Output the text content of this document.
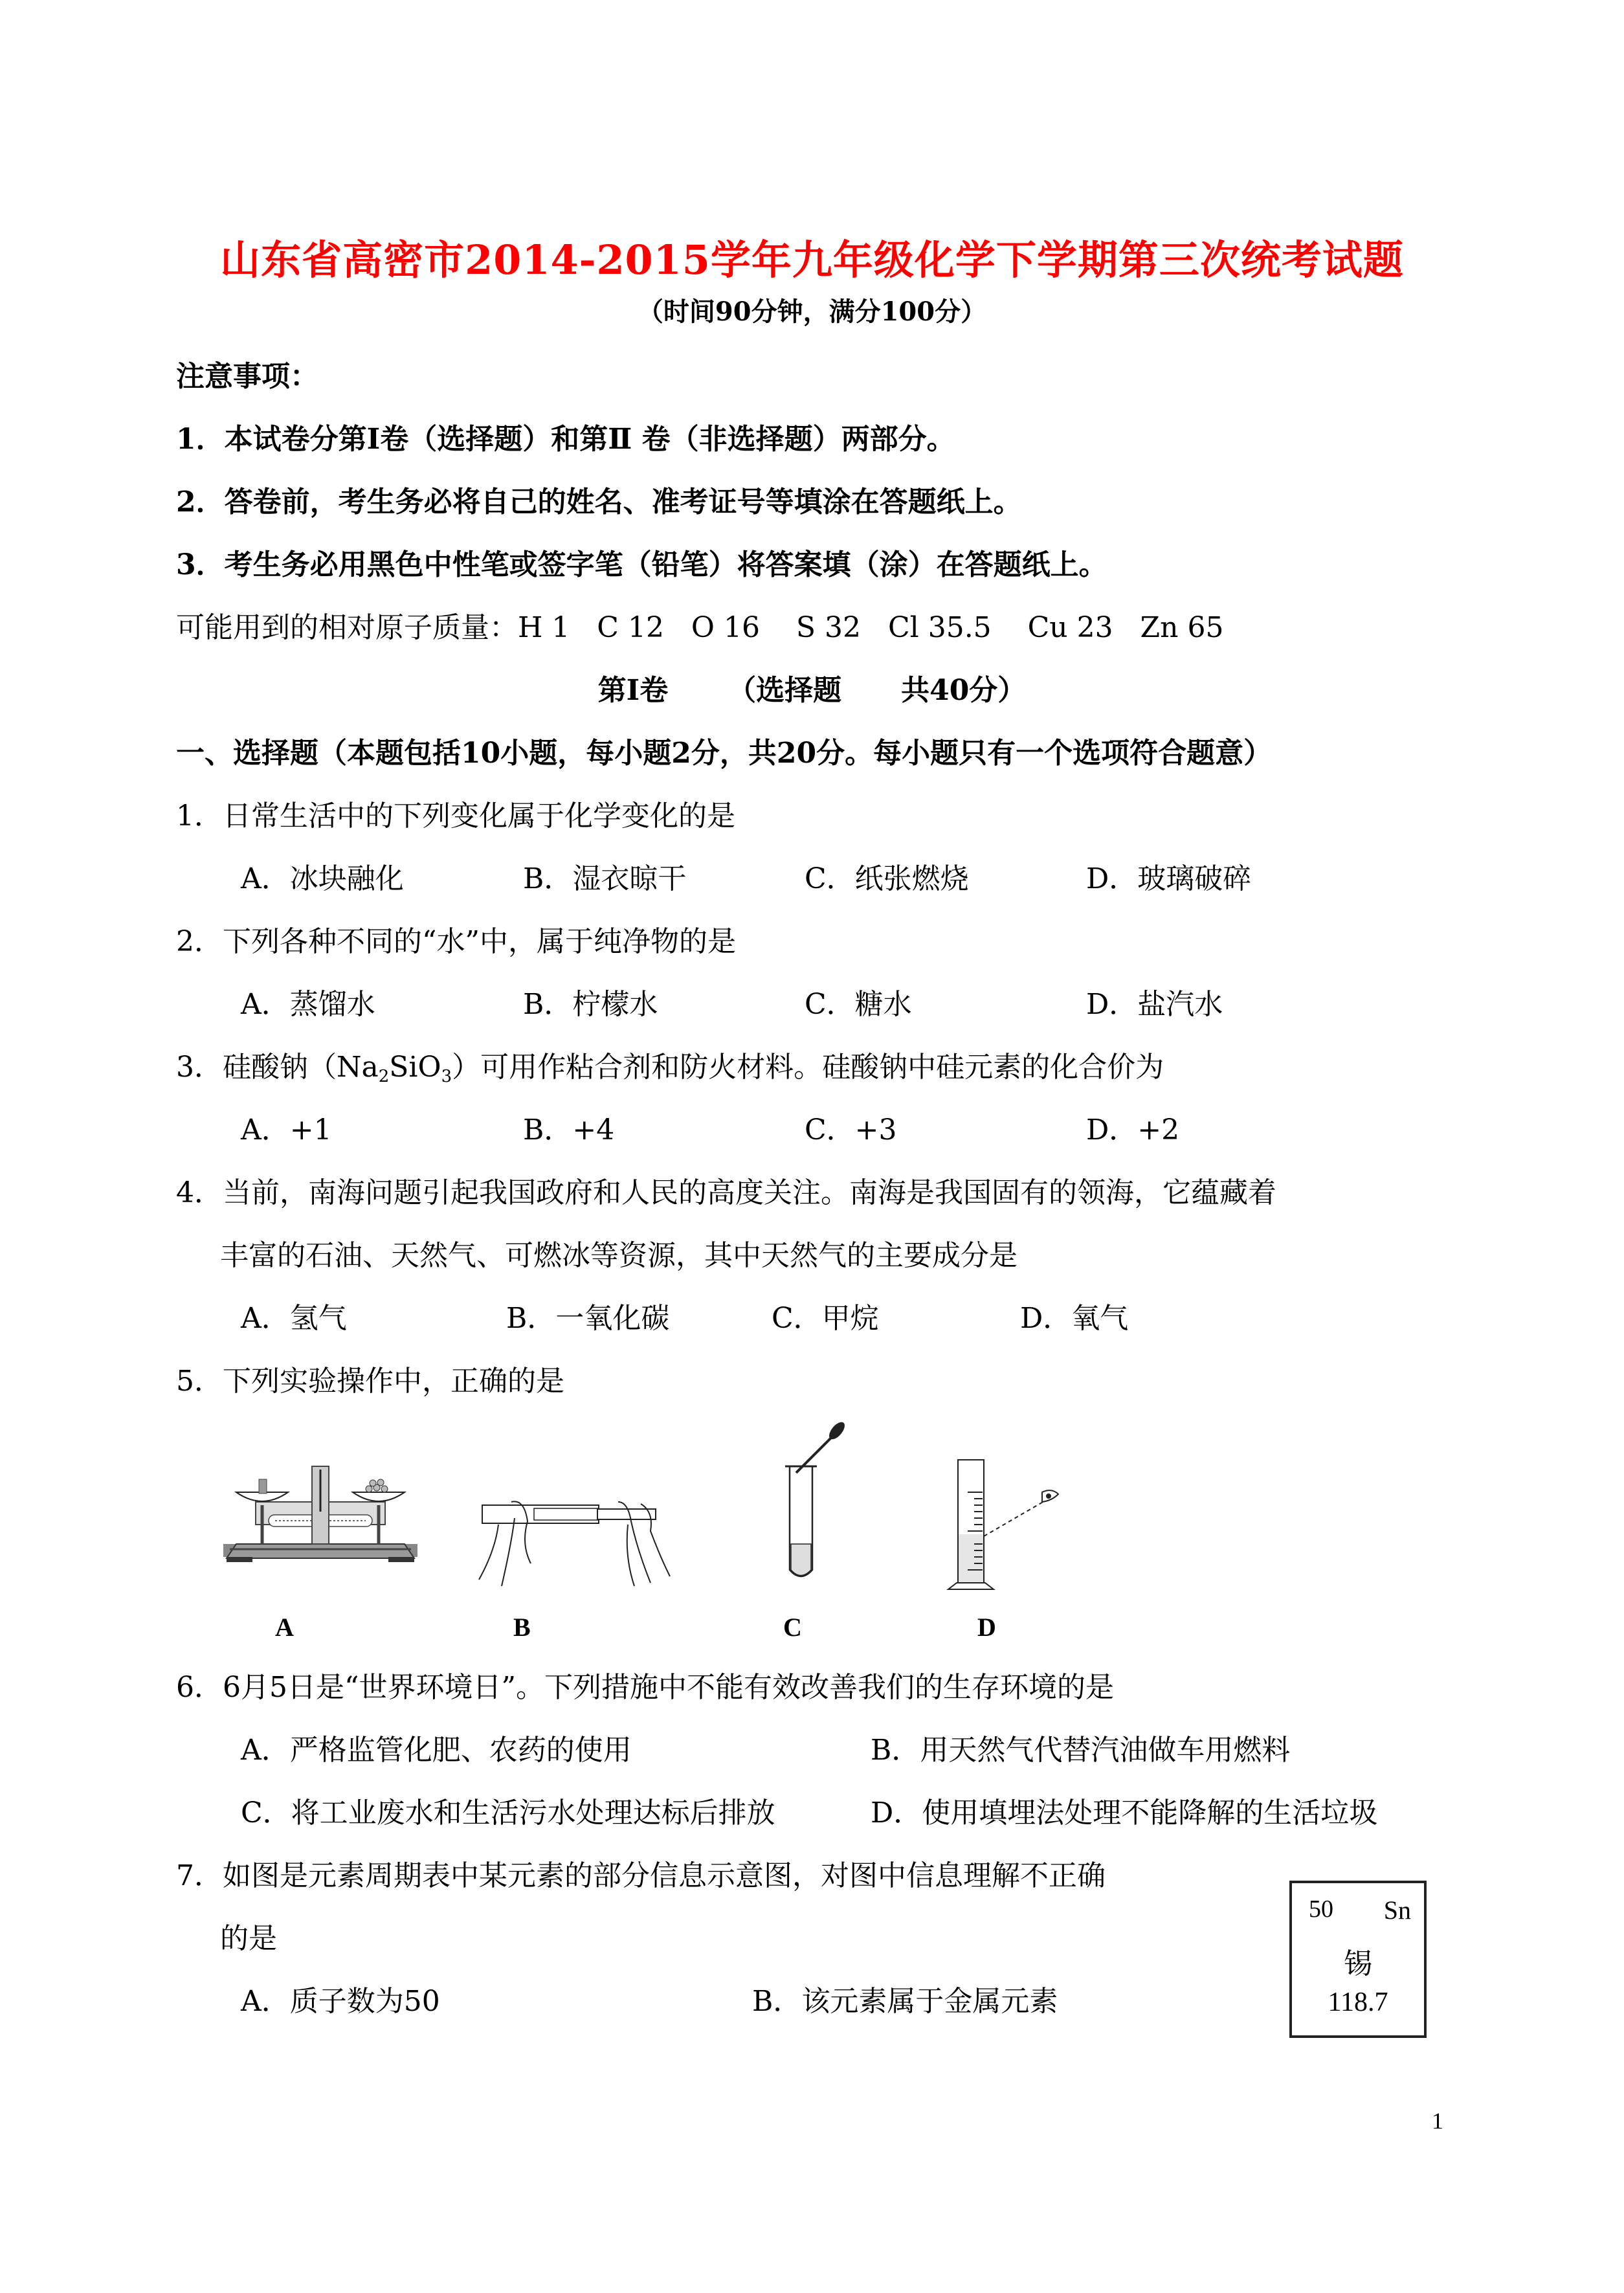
山东省高密市2014-2015学年九年级化学下学期第三次统考试题
（时间90分钟，满分100分）
注意事项：
1．本试卷分第Ⅰ卷（选择题）和第Ⅱ 卷（非选择题）两部分。
2．答卷前，考生务必将自己的姓名、准考证号等填涂在答题纸上。
3．考生务必用黑色中性笔或签字笔（铅笔）将答案填（涂）在答题纸上。
可能用到的相对原子质量：H 1   C 12   O 16    S 32   Cl 35.5    Cu 23   Zn 65
第Ⅰ卷      （选择题      共40分）
一、选择题（本题包括10小题，每小题2分，共20分。每小题只有一个选项符合题意）
1．日常生活中的下列变化属于化学变化的是
A．冰块融化	B．湿衣晾干	C．纸张燃烧	D．玻璃破碎
2．下列各种不同的“水”中，属于纯净物的是
A．蒸馏水	B．柠檬水	C．糖水	D．盐汽水
3．硅酸钠$(Na_2SiO_3)$可用作粘合剂和防火材料。硅酸钠中硅元素的化合价为
A．+1	B．+4	C．+3	D．+2
4．当前，南海问题引起我国政府和人民的高度关注。南海是我国固有的领海，它蕴藏着
丰富的石油、天然气、可燃冰等资源，其中天然气的主要成分是
A．氢气	B．一氧化碳	C．甲烷	D．氧气
5．下列实验操作中，正确的是
A	B	C	D
6．6月5日是“世界环境日”。下列措施中不能有效改善我们的生存环境的是
A．严格监管化肥、农药的使用	B．用天然气代替汽油做车用燃料
C．将工业废水和生活污水处理达标后排放	D．使用填埋法处理不能降解的生活垃圾
7．如图是元素周期表中某元素的部分信息示意图，对图中信息理解不正确
的是
A．质子数为50	B．该元素属于金属元素
50 Sn
锡
118.7
1
